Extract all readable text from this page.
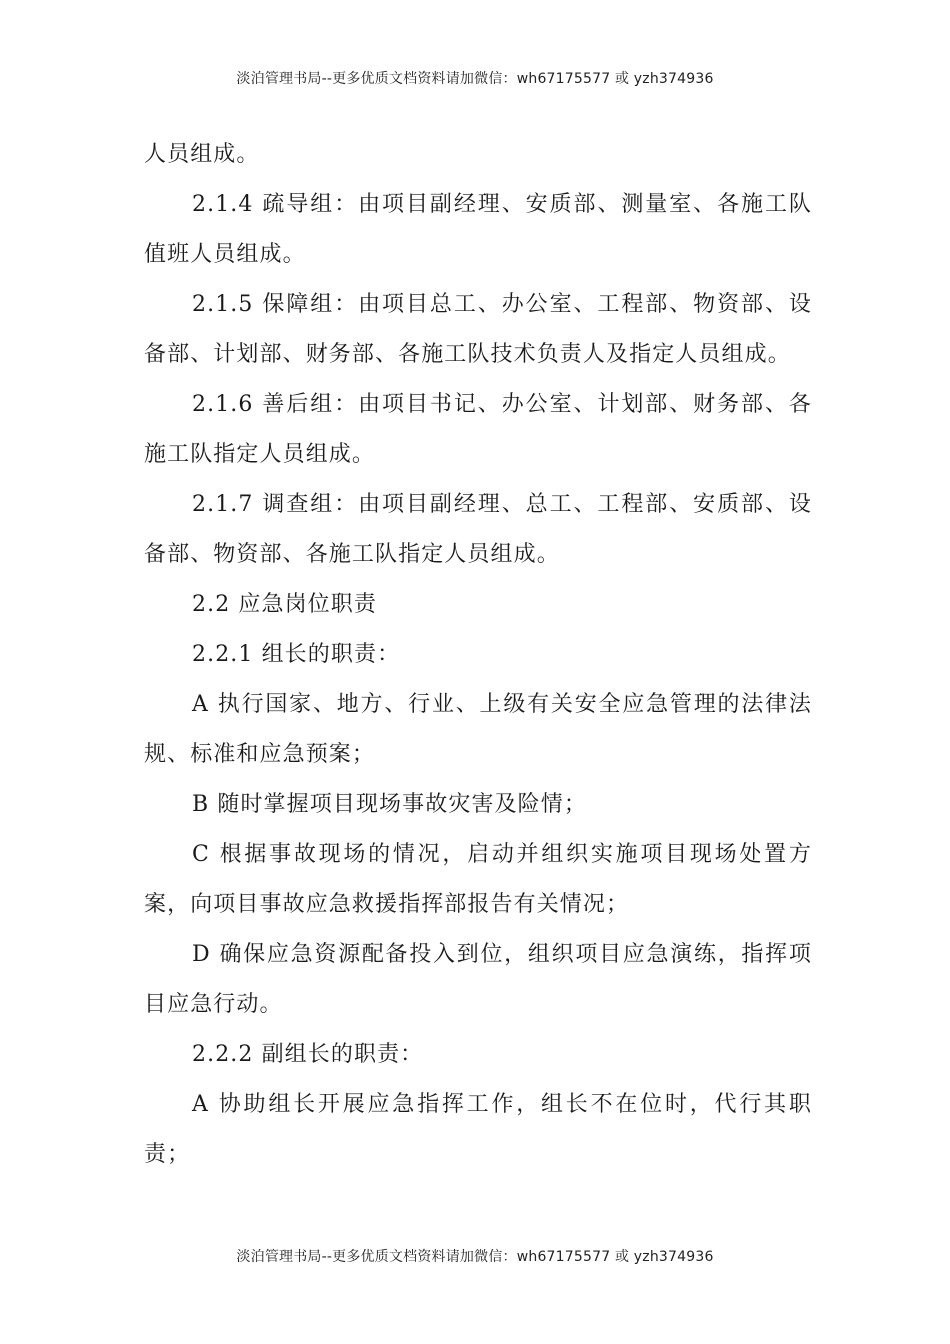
淡泊管理书局--更多优质文档资料请加微信：wh67175577 或 yzh374936

人员组成。

2.1.4 疏导组：由项目副经理、安质部、测量室、各施工队值班人员组成。

2.1.5 保障组：由项目总工、办公室、工程部、物资部、设备部、计划部、财务部、各施工队技术负责人及指定人员组成。

2.1.6 善后组：由项目书记、办公室、计划部、财务部、各施工队指定人员组成。

2.1.7 调查组：由项目副经理、总工、工程部、安质部、设备部、物资部、各施工队指定人员组成。

2.2 应急岗位职责

2.2.1 组长的职责：

A 执行国家、地方、行业、上级有关安全应急管理的法律法规、标准和应急预案；

B 随时掌握项目现场事故灾害及险情；

C 根据事故现场的情况，启动并组织实施项目现场处置方案，向项目事故应急救援指挥部报告有关情况；

D 确保应急资源配备投入到位，组织项目应急演练，指挥项目应急行动。

2.2.2 副组长的职责：

A 协助组长开展应急指挥工作，组长不在位时，代行其职责；

淡泊管理书局--更多优质文档资料请加微信：wh67175577 或 yzh374936
